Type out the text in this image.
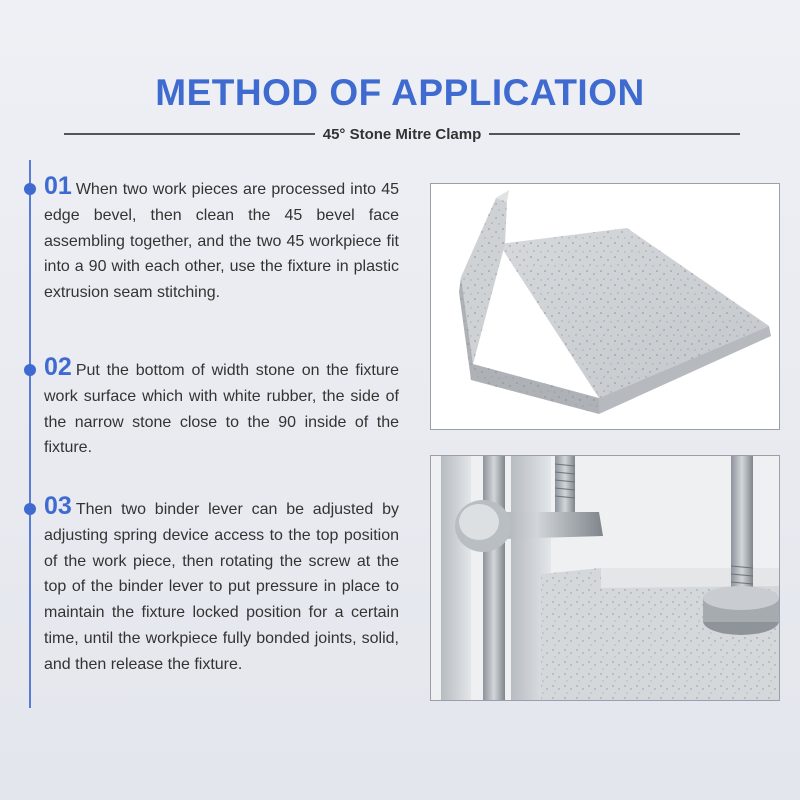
METHOD OF APPLICATION
45° Stone Mitre Clamp
01 When two work pieces are processed into 45 edge bevel, then clean the 45 bevel face assembling together, and the two 45 workpiece fit into a 90 with each other, use the fixture in plastic extrusion seam stitching.
02 Put the bottom of width stone on the fixture work surface which with white rubber, the side of the narrow stone close to the 90 inside of the fixture.
03 Then two binder lever can be adjusted by adjusting spring device access to the top position of the work piece, then rotating the screw at the top of the binder lever to put pressure in place to maintain the fixture locked position for a certain time, until the workpiece fully bonded joints, solid, and then release the fixture.
